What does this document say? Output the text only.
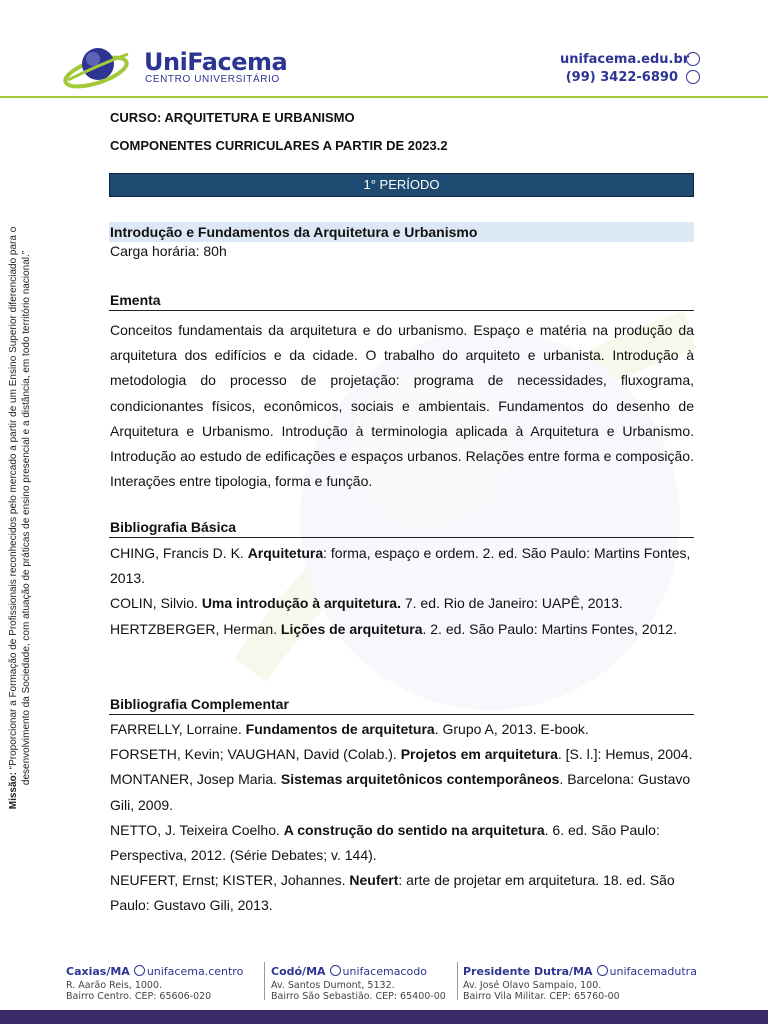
UniFacema
CENTRO UNIVERSITÁRIO
unifacema.edu.br
(99) 3422-6890
Missão: “Proporcionar a Formação de Profissionais reconhecidos pelo mercado a partir de um Ensino Superior diferenciado para o desenvolvimento da Sociedade, com atuação de práticas de ensino presencial e a distância, em todo território nacional.”
CURSO: ARQUITETURA E URBANISMO
COMPONENTES CURRICULARES A PARTIR DE 2023.2
1° PERÍODO
Introdução e Fundamentos da Arquitetura e Urbanismo
Carga horária: 80h
Ementa
Conceitos fundamentais da arquitetura e do urbanismo. Espaço e matéria na produção da arquitetura dos edifícios e da cidade. O trabalho do arquiteto e urbanista. Introdução à metodologia do processo de projetação: programa de necessidades, fluxograma, condicionantes físicos, econômicos, sociais e ambientais. Fundamentos do desenho de Arquitetura e Urbanismo. Introdução à terminologia aplicada à Arquitetura e Urbanismo. Introdução ao estudo de edificações e espaços urbanos. Relações entre forma e composição. Interações entre tipologia, forma e função.
Bibliografia Básica
CHING, Francis D. K. Arquitetura: forma, espaço e ordem. 2. ed. São Paulo: Martins Fontes, 2013.
COLIN, Silvio. Uma introdução à arquitetura. 7. ed. Rio de Janeiro: UAPÊ, 2013.
HERTZBERGER, Herman. Lições de arquitetura. 2. ed. São Paulo: Martins Fontes, 2012.
Bibliografia Complementar
FARRELLY, Lorraine. Fundamentos de arquitetura. Grupo A, 2013. E-book.
FORSETH, Kevin; VAUGHAN, David (Colab.). Projetos em arquitetura. [S. l.]: Hemus, 2004.
MONTANER, Josep Maria. Sistemas arquitetônicos contemporâneos. Barcelona: Gustavo Gili, 2009.
NETTO, J. Teixeira Coelho. A construção do sentido na arquitetura. 6. ed. São Paulo: Perspectiva, 2012. (Série Debates; v. 144).
NEUFERT, Ernst; KISTER, Johannes. Neufert: arte de projetar em arquitetura. 18. ed. São Paulo: Gustavo Gili, 2013.
Caxias/MA unifacema.centro
R. Aarão Reis, 1000.
Bairro Centro. CEP: 65606-020
Codó/MA unifacemacodo
Av. Santos Dumont, 5132.
Bairro São Sebastião. CEP: 65400-00
Presidente Dutra/MA unifacemadutra
Av. José Olavo Sampaio, 100.
Bairro Vila Militar. CEP: 65760-00
